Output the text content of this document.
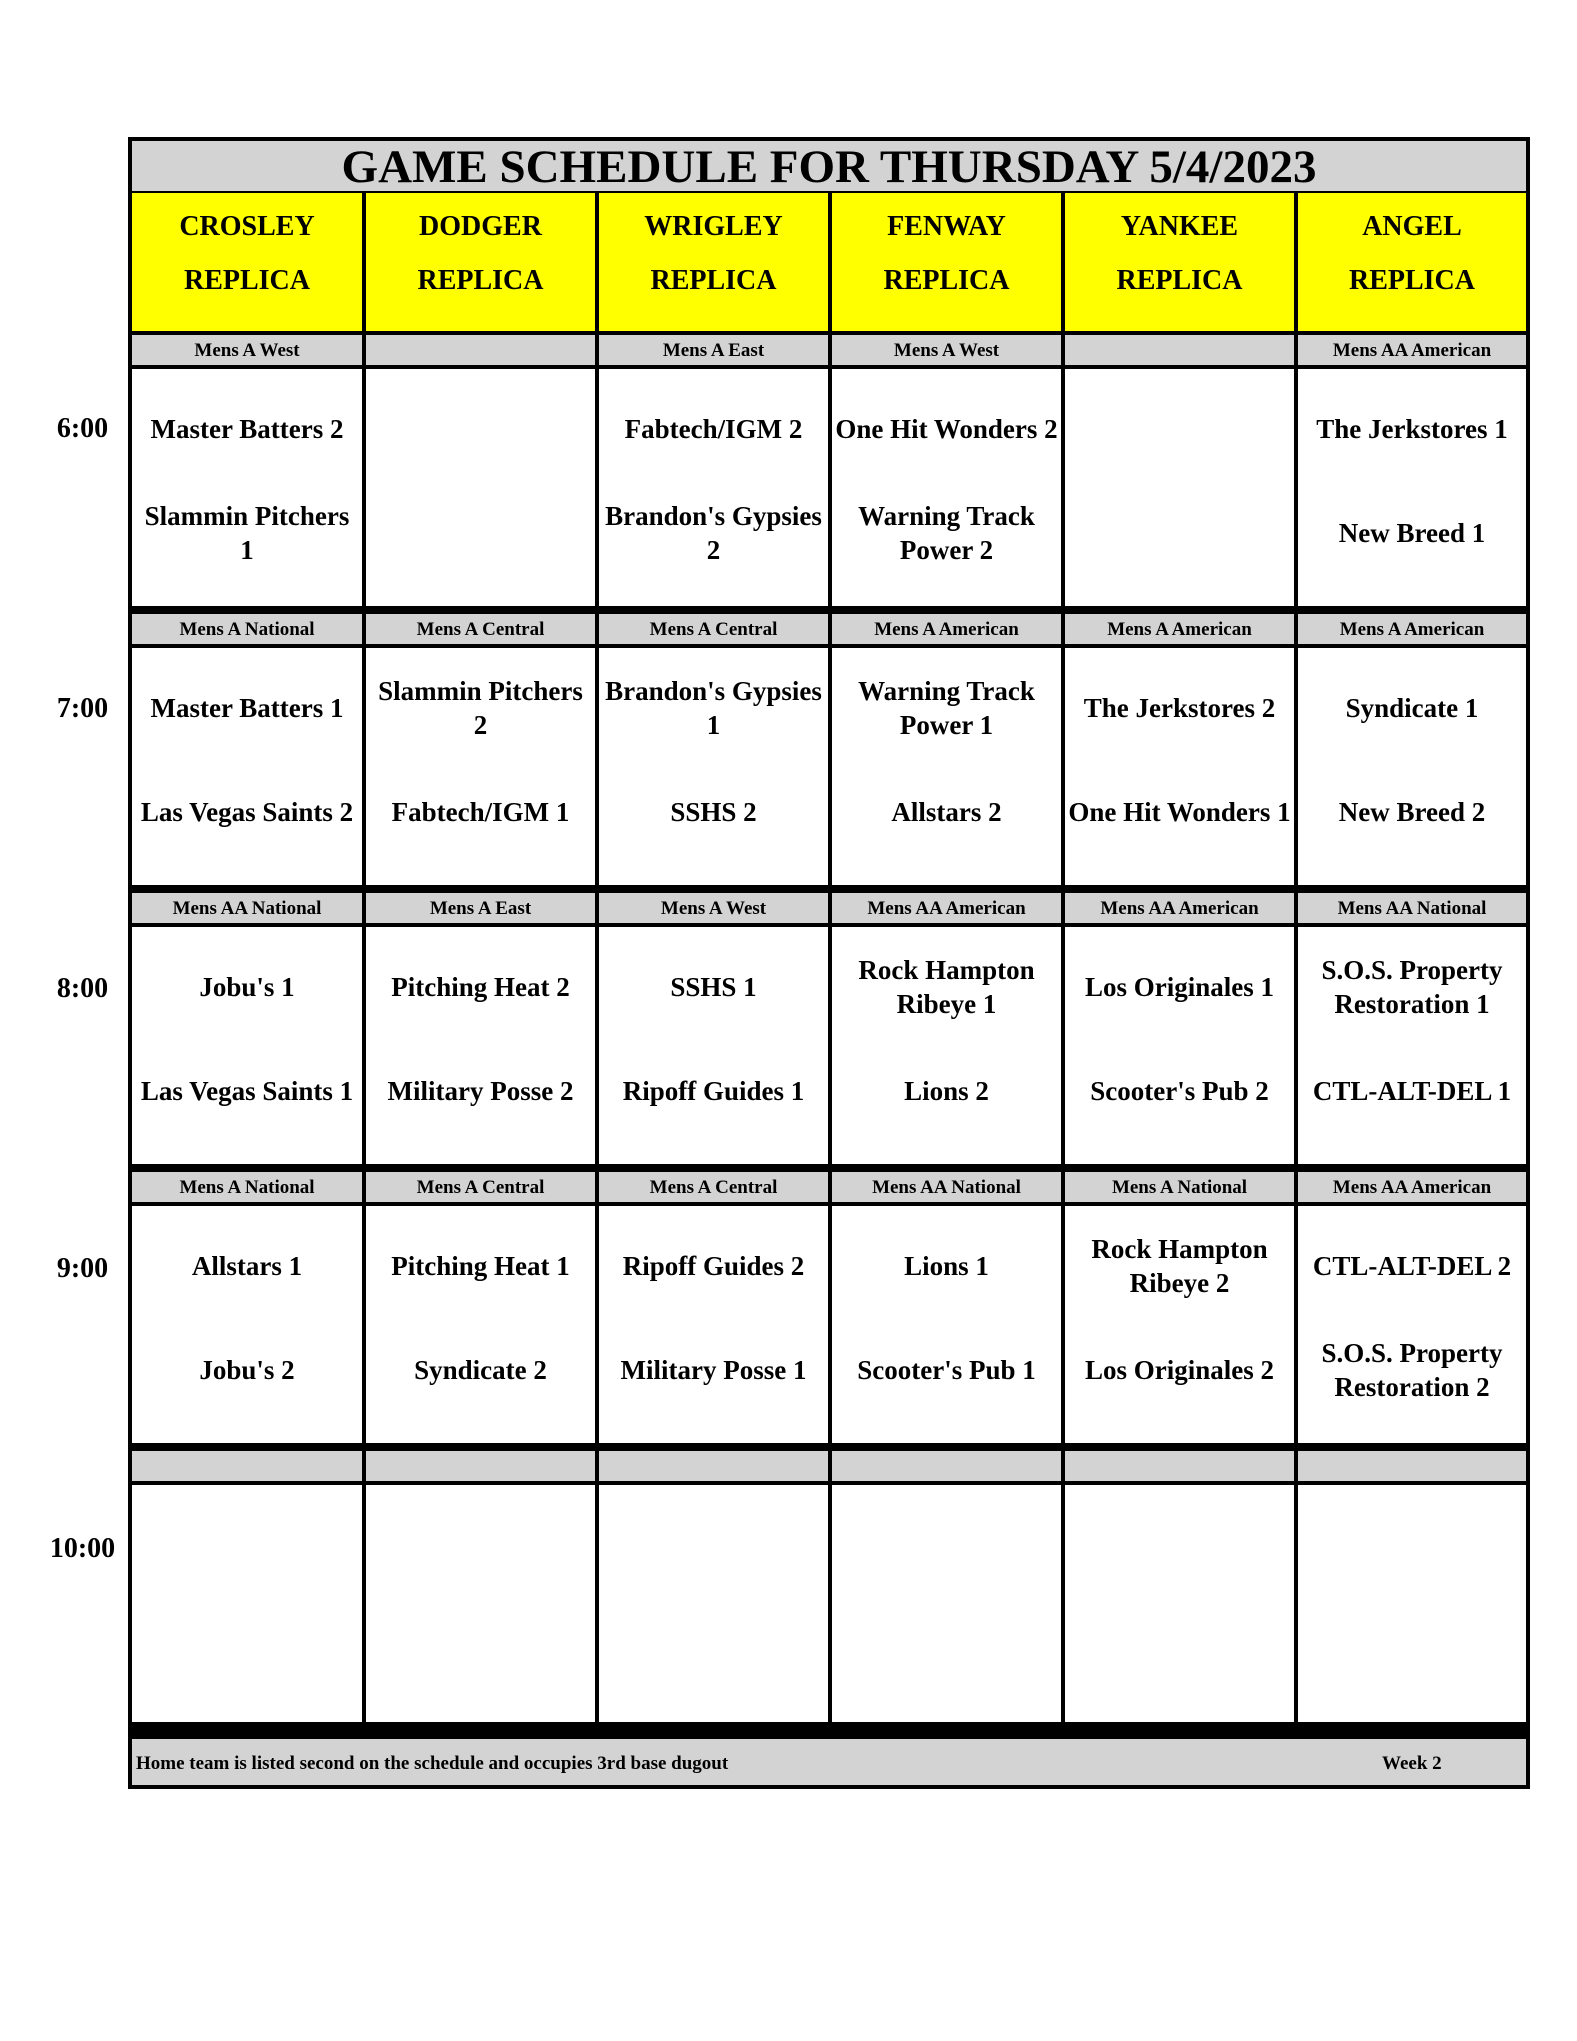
GAME SCHEDULE FOR THURSDAY 5/4/2023
CROSLEY
REPLICA
DODGER
REPLICA
WRIGLEY
REPLICA
FENWAY
REPLICA
YANKEE
REPLICA
ANGEL
REPLICA
Mens A West
Master Batters 2
Slammin Pitchers 1
Mens A East
Fabtech/IGM 2
Brandon's Gypsies 2
Mens A West
One Hit Wonders 2
Warning Track Power 2
Mens AA American
The Jerkstores 1
New Breed 1
Mens A National
Master Batters 1
Las Vegas Saints 2
Mens A Central
Slammin Pitchers 2
Fabtech/IGM 1
Mens A Central
Brandon's Gypsies 1
SSHS 2
Mens A American
Warning Track Power 1
Allstars 2
Mens A American
The Jerkstores 2
One Hit Wonders 1
Mens A American
Syndicate 1
New Breed 2
Mens AA National
Jobu's 1
Las Vegas Saints 1
Mens A East
Pitching Heat 2
Military Posse 2
Mens A West
SSHS 1
Ripoff Guides 1
Mens AA American
Rock Hampton Ribeye 1
Lions 2
Mens AA American
Los Originales 1
Scooter's Pub 2
Mens AA National
S.O.S. Property Restoration 1
CTL-ALT-DEL 1
Mens A National
Allstars 1
Jobu's 2
Mens A Central
Pitching Heat 1
Syndicate 2
Mens A Central
Ripoff Guides 2
Military Posse 1
Mens AA National
Lions 1
Scooter's Pub 1
Mens A National
Rock Hampton Ribeye 2
Los Originales 2
Mens AA American
CTL-ALT-DEL 2
S.O.S. Property Restoration 2
Home team is listed second on the schedule and occupies 3rd base dugout	Week 2
6:00
7:00
8:00
9:00
10:00
